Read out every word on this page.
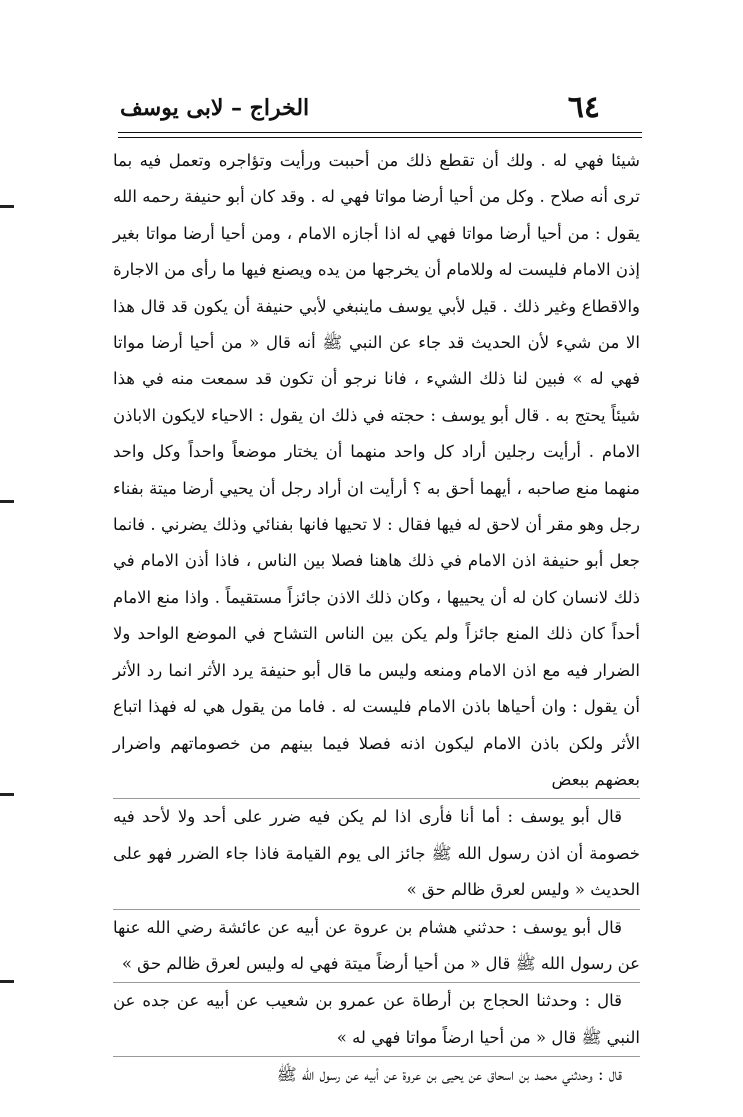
٦٤
الخراج – لابى يوسف

شيئا فهي له . ولك أن تقطع ذلك من أحببت ورأيت وتؤاجره وتعمل فيه بما ترى أنه صلاح . وكل من أحيا أرضا مواتا فهي له . وقد كان أبو حنيفة رحمه الله يقول : من أحيا أرضا مواتا فهي له اذا أجازه الامام ، ومن أحيا أرضا مواتا بغير إذن الامام فليست له وللامام أن يخرجها من يده ويصنع فيها ما رأى من الاجارة والاقطاع وغير ذلك . قيل لأبي يوسف ماينبغي لأبي حنيفة أن يكون قد قال هذا الا من شيء لأن الحديث قد جاء عن النبي ﷺ أنه قال « من أحيا أرضا مواتا فهي له » فبين لنا ذلك الشيء ، فانا نرجو أن تكون قد سمعت منه في هذا شيئاً يحتج به . قال أبو يوسف : حجته في ذلك ان يقول : الاحياء لايكون الاباذن الامام . أرأيت رجلين أراد كل واحد منهما أن يختار موضعاً واحداً وكل واحد منهما منع صاحبه ، أيهما أحق به ؟ أرأيت ان أراد رجل أن يحيي أرضا ميتة بفناء رجل وهو مقر أن لاحق له فيها فقال : لا تحيها فانها بفنائي وذلك يضرني . فانما جعل أبو حنيفة اذن الامام في ذلك هاهنا فصلا بين الناس ، فاذا أذن الامام في ذلك لانسان كان له أن يحييها ، وكان ذلك الاذن جائزاً مستقيماً . واذا منع الامام أحداً كان ذلك المنع جائزاً ولم يكن بين الناس التشاح في الموضع الواحد ولا الضرار فيه مع اذن الامام ومنعه وليس ما قال أبو حنيفة يرد الأثر انما رد الأثر أن يقول : وان أحياها باذن الامام فليست له . فاما من يقول هي له فهذا اتباع الأثر ولكن باذن الامام ليكون اذنه فصلا فيما بينهم من خصوماتهم واضرار بعضهم ببعض

قال أبو يوسف : أما أنا فأرى اذا لم يكن فيه ضرر على أحد ولا لأحد فيه خصومة أن اذن رسول الله ﷺ جائز الى يوم القيامة فاذا جاء الضرر فهو على الحديث « وليس لعرق ظالم حق »

قال أبو يوسف : حدثني هشام بن عروة عن أبيه عن عائشة رضي الله عنها عن رسول الله ﷺ قال « من أحيا أرضاً ميتة فهي له وليس لعرق ظالم حق »

قال : وحدثنا الحجاج بن أرطاة عن عمرو بن شعيب عن أبيه عن جده عن النبي ﷺ قال « من أحيا ارضاً مواتا فهي له »

قال : وحدثني محمد بن اسحاق عن يحيى بن عروة عن أبيه عن رسول الله ﷺ
